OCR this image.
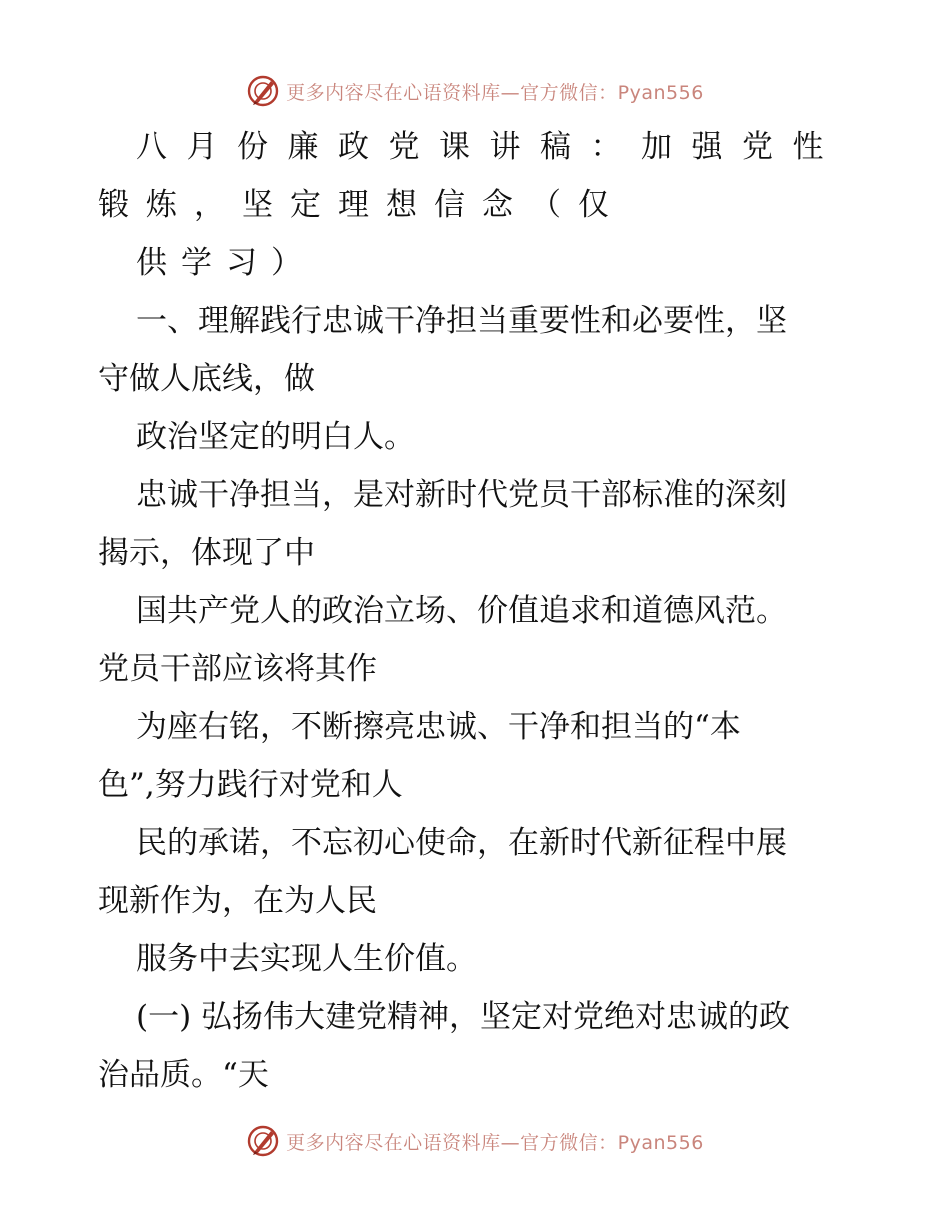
更多内容尽在心语资料库—官方微信：Pyan556
八月份廉政党课讲稿：加强党性
锻炼，坚定理想信念（仅
供学习）
一、理解践行忠诚干净担当重要性和必要性，坚
守做人底线，做
政治坚定的明白人。
忠诚干净担当，是对新时代党员干部标准的深刻
揭示，体现了中
国共产党人的政治立场、价值追求和道德风范。
党员干部应该将其作
为座右铭，不断擦亮忠诚、干净和担当的“本
色”,努力践行对党和人
民的承诺，不忘初心使命，在新时代新征程中展
现新作为，在为人民
服务中去实现人生价值。
(一) 弘扬伟大建党精神，坚定对党绝对忠诚的政
治品质。“天
更多内容尽在心语资料库—官方微信：Pyan556
